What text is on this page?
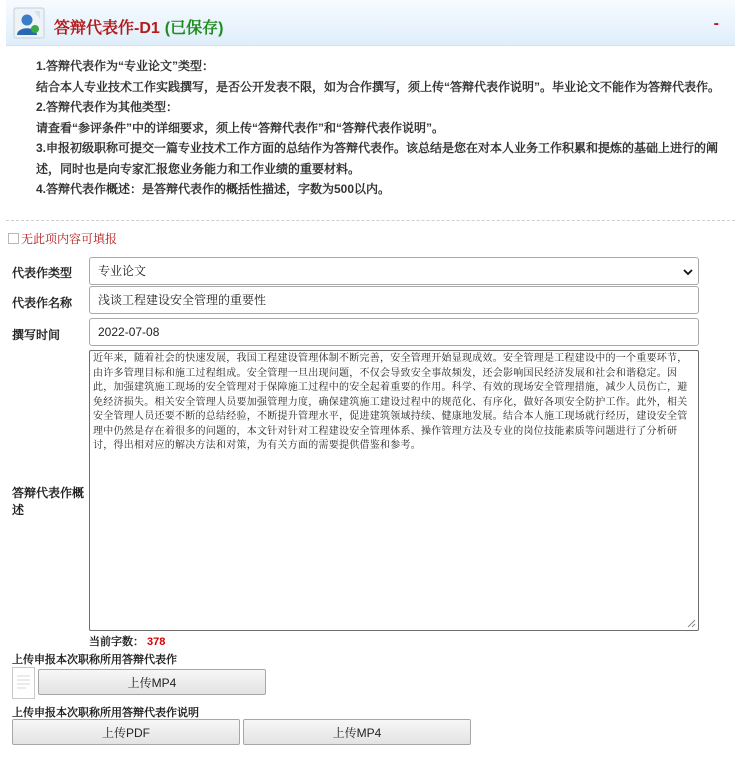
答辩代表作-D1 (已保存)	-
1.答辩代表作为“专业论文”类型：
结合本人专业技术工作实践撰写，是否公开发表不限，如为合作撰写，须上传“答辩代表作说明”。毕业论文不能作为答辩代表作。
2.答辩代表作为其他类型：
请查看“参评条件”中的详细要求，须上传“答辩代表作”和“答辩代表作说明”。
3.申报初级职称可提交一篇专业技术工作方面的总结作为答辩代表作。该总结是您在对本人业务工作积累和提炼的基础上进行的阐述，同时也是向专家汇报您业务能力和工作业绩的重要材料。
4.答辩代表作概述：是答辩代表作的概括性描述，字数为500以内。
无此项内容可填报
代表作类型	专业论文
代表作名称	浅谈工程建设安全管理的重要性
撰写时间	2022-07-08
答辩代表作概述
近年来，随着社会的快速发展，我国工程建设管理体制不断完善，安全管理开始显现成效。安全管理是工程建设中的一个重要环节，由许多管理目标和施工过程组成。安全管理一旦出现问题，不仅会导致安全事故频发，还会影响国民经济发展和社会和谐稳定。因此，加强建筑施工现场的安全管理对于保障施工过程中的安全起着重要的作用。科学、有效的现场安全管理措施，减少人员伤亡，避免经济损失。相关安全管理人员要加强管理力度，确保建筑施工建设过程中的规范化、有序化，做好各项安全防护工作。此外，相关安全管理人员还要不断的总结经验，不断提升管理水平，促进建筑领域持续、健康地发展。结合本人施工现场就行经历，建设安全管理中仍然是存在着很多的问题的，本文针对针对工程建设安全管理体系、操作管理方法及专业的岗位技能素质等问题进行了分析研讨，得出相对应的解决方法和对策，为有关方面的需要提供借鉴和参考。
当前字数： 378
上传申报本次职称所用答辩代表作
上传MP4
上传申报本次职称所用答辩代表作说明
上传PDF	上传MP4
